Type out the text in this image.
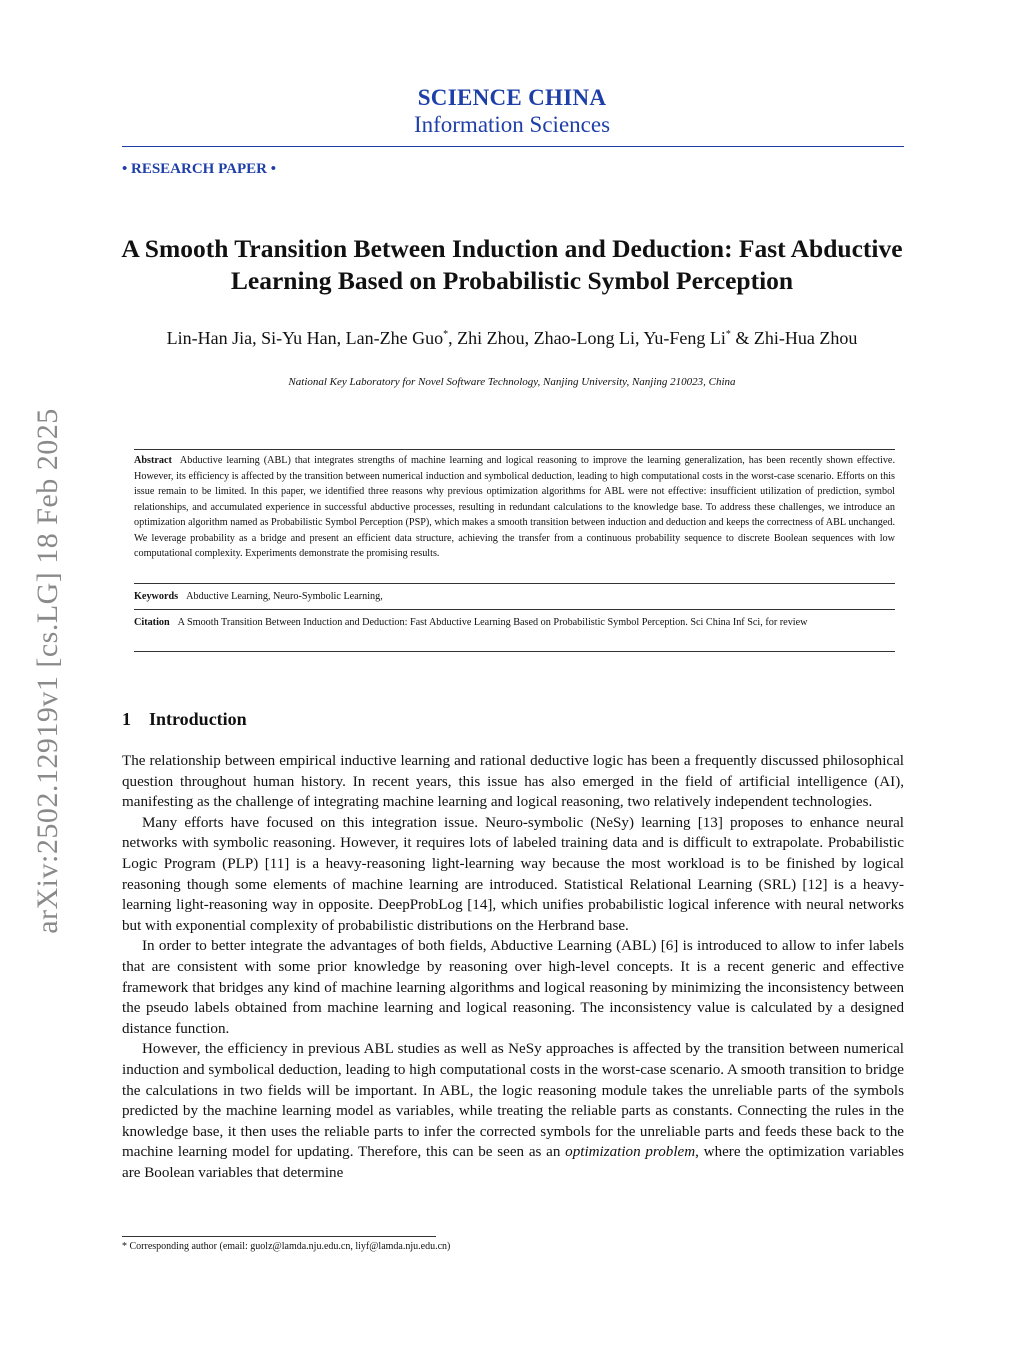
arXiv:2502.12919v1 [cs.LG] 18 Feb 2025
SCIENCE CHINA
Information Sciences
• RESEARCH PAPER •
A Smooth Transition Between Induction and Deduction: Fast Abductive Learning Based on Probabilistic Symbol Perception
Lin-Han Jia, Si-Yu Han, Lan-Zhe Guo*, Zhi Zhou, Zhao-Long Li, Yu-Feng Li* & Zhi-Hua Zhou
National Key Laboratory for Novel Software Technology, Nanjing University, Nanjing 210023, China
Abstract Abductive learning (ABL) that integrates strengths of machine learning and logical reasoning to improve the learning generalization, has been recently shown effective. However, its efficiency is affected by the transition between numerical induction and symbolical deduction, leading to high computational costs in the worst-case scenario. Efforts on this issue remain to be limited. In this paper, we identified three reasons why previous optimization algorithms for ABL were not effective: insufficient utilization of prediction, symbol relationships, and accumulated experience in successful abductive processes, resulting in redundant calculations to the knowledge base. To address these challenges, we introduce an optimization algorithm named as Probabilistic Symbol Perception (PSP), which makes a smooth transition between induction and deduction and keeps the correctness of ABL unchanged. We leverage probability as a bridge and present an efficient data structure, achieving the transfer from a continuous probability sequence to discrete Boolean sequences with low computational complexity. Experiments demonstrate the promising results.
Keywords Abductive Learning, Neuro-Symbolic Learning,
Citation A Smooth Transition Between Induction and Deduction: Fast Abductive Learning Based on Probabilistic Symbol Perception. Sci China Inf Sci, for review
1 Introduction

The relationship between empirical inductive learning and rational deductive logic has been a frequently discussed philosophical question throughout human history. In recent years, this issue has also emerged in the field of artificial intelligence (AI), manifesting as the challenge of integrating machine learning and logical reasoning, two relatively independent technologies.

Many efforts have focused on this integration issue. Neuro-symbolic (NeSy) learning [13] proposes to enhance neural networks with symbolic reasoning. However, it requires lots of labeled training data and is difficult to extrapolate. Probabilistic Logic Program (PLP) [11] is a heavy-reasoning light-learning way because the most workload is to be finished by logical reasoning though some elements of machine learning are introduced. Statistical Relational Learning (SRL) [12] is a heavy-learning light-reasoning way in opposite. DeepProbLog [14], which unifies probabilistic logical inference with neural networks but with exponential complexity of probabilistic distributions on the Herbrand base.

In order to better integrate the advantages of both fields, Abductive Learning (ABL) [6] is introduced to allow to infer labels that are consistent with some prior knowledge by reasoning over high-level concepts. It is a recent generic and effective framework that bridges any kind of machine learning algorithms and logical reasoning by minimizing the inconsistency between the pseudo labels obtained from machine learning and logical reasoning. The inconsistency value is calculated by a designed distance function.

However, the efficiency in previous ABL studies as well as NeSy approaches is affected by the transition between numerical induction and symbolical deduction, leading to high computational costs in the worst-case scenario. A smooth transition to bridge the calculations in two fields will be important. In ABL, the logic reasoning module takes the unreliable parts of the symbols predicted by the machine learning model as variables, while treating the reliable parts as constants. Connecting the rules in the knowledge base, it then uses the reliable parts to infer the corrected symbols for the unreliable parts and feeds these back to the machine learning model for updating. Therefore, this can be seen as an optimization problem, where the optimization variables are Boolean variables that determine

* Corresponding author (email: guolz@lamda.nju.edu.cn, liyf@lamda.nju.edu.cn)
